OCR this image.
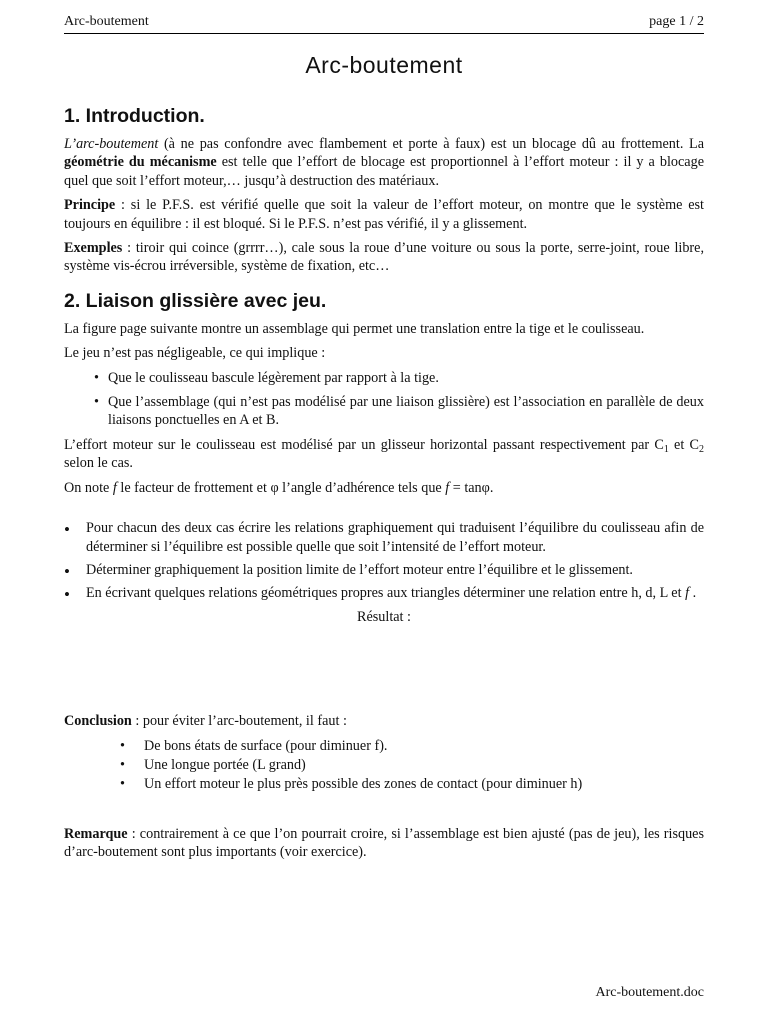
Arc-boutement	page 1 / 2
Arc-boutement
1. Introduction.

L’arc-boutement (à ne pas confondre avec flambement et porte à faux) est un blocage dû au frottement. La géométrie du mécanisme est telle que l’effort de blocage est proportionnel à l’effort moteur : il y a blocage quel que soit l’effort moteur,… jusqu’à destruction des matériaux.

Principe : si le P.F.S. est vérifié quelle que soit la valeur de l’effort moteur, on montre que le système est toujours en équilibre : il est bloqué. Si le P.F.S. n’est pas vérifié, il y a glissement.

Exemples : tiroir qui coince (grrrr…), cale sous la roue d’une voiture ou sous la porte, serre-joint, roue libre, système vis-écrou irréversible, système de fixation, etc…

2. Liaison glissière avec jeu.

La figure page suivante montre un assemblage qui permet une translation entre la tige et le coulisseau.

Le jeu n’est pas négligeable, ce qui implique :

• Que le coulisseau bascule légèrement par rapport à la tige.
• Que l’assemblage (qui n’est pas modélisé par une liaison glissière) est l’association en parallèle de deux liaisons ponctuelles en A et B.

L’effort moteur sur le coulisseau est modélisé par un glisseur horizontal passant respectivement par $C_1$ et $C_2$ selon le cas.

On note f le facteur de frottement et φ l’angle d’adhérence tels que f = tanφ.

• Pour chacun des deux cas écrire les relations graphiquement qui traduisent l’équilibre du coulisseau afin de déterminer si l’équilibre est possible quelle que soit l’intensité de l’effort moteur.
• Déterminer graphiquement la position limite de l’effort moteur entre l’équilibre et le glissement.
• En écrivant quelques relations géométriques propres aux triangles déterminer une relation entre h, d, L et f .

Résultat :

Conclusion : pour éviter l’arc-boutement, il faut :

• De bons états de surface (pour diminuer f).
• Une longue portée (L grand)
• Un effort moteur le plus près possible des zones de contact (pour diminuer h)

Remarque : contrairement à ce que l’on pourrait croire, si l’assemblage est bien ajusté (pas de jeu), les risques d’arc-boutement sont plus importants (voir exercice).

Arc-boutement.doc
